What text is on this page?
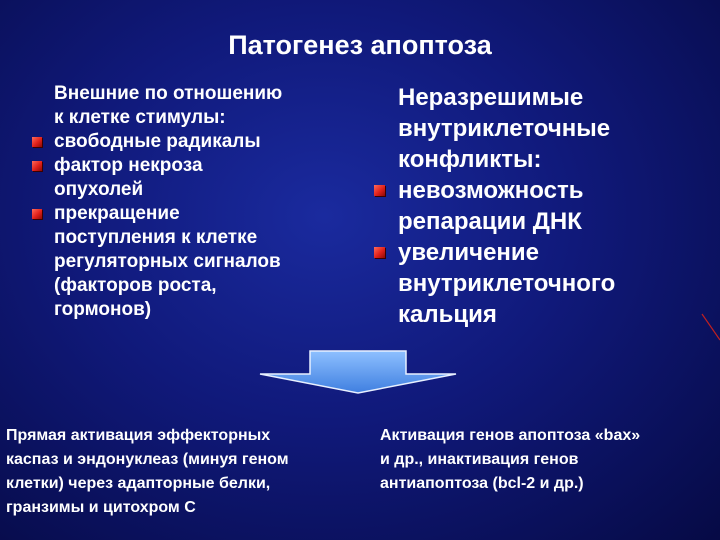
Патогенез апоптоза
Внешние по отношению
к клетке стимулы:
свободные радикалы
фактор некроза
опухолей
прекращение
поступления к клетке
регуляторных сигналов
(факторов роста,
гормонов)
Неразрешимые
внутриклеточные
конфликты:
невозможность
репарации ДНК
увеличение
внутриклеточного
кальция
Прямая активация эффекторных
каспаз и эндонуклеаз (минуя геном
клетки) через адапторные белки,
гранзимы и цитохром С
Активация генов апоптоза «bax»
и др., инактивация генов
антиапоптоза (bcl-2 и др.)
